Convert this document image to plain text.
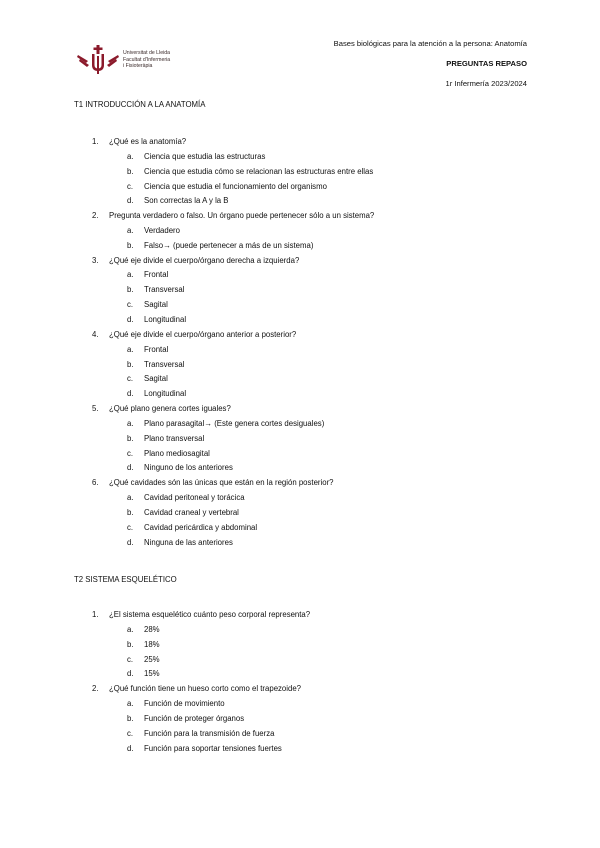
Universitat de Lleida
Facultat d'Infermeria
i Fisioteràpia
Bases biológicas para la atención a la persona: Anatomía
PREGUNTAS REPASO
1r Infermería 2023/2024
T1 INTRODUCCIÓN A LA ANATOMÍA
1. ¿Qué es la anatomía?
a. Ciencia que estudia las estructuras
b. Ciencia que estudia cómo se relacionan las estructuras entre ellas
c. Ciencia que estudia el funcionamiento del organismo
d. Son correctas la A y la B
2. Pregunta verdadero o falso. Un órgano puede pertenecer sólo a un sistema?
a. Verdadero
b. Falso→ (puede pertenecer a más de un sistema)
3. ¿Qué eje divide el cuerpo/órgano derecha a izquierda?
a. Frontal
b. Transversal
c. Sagital
d. Longitudinal
4. ¿Qué eje divide el cuerpo/órgano anterior a posterior?
a. Frontal
b. Transversal
c. Sagital
d. Longitudinal
5. ¿Qué plano genera cortes iguales?
a. Plano parasagital→ (Este genera cortes desiguales)
b. Plano transversal
c. Plano mediosagital
d. Ninguno de los anteriores
6. ¿Qué cavidades són las únicas que están en la región posterior?
a. Cavidad peritoneal y torácica
b. Cavidad craneal y vertebral
c. Cavidad pericárdica y abdominal
d. Ninguna de las anteriores
T2 SISTEMA ESQUELÉTICO
1. ¿El sistema esquelético cuánto peso corporal representa?
a. 28%
b. 18%
c. 25%
d. 15%
2. ¿Qué función tiene un hueso corto como el trapezoide?
a. Función de movimiento
b. Función de proteger órganos
c. Función para la transmisión de fuerza
d. Función para soportar tensiones fuertes
